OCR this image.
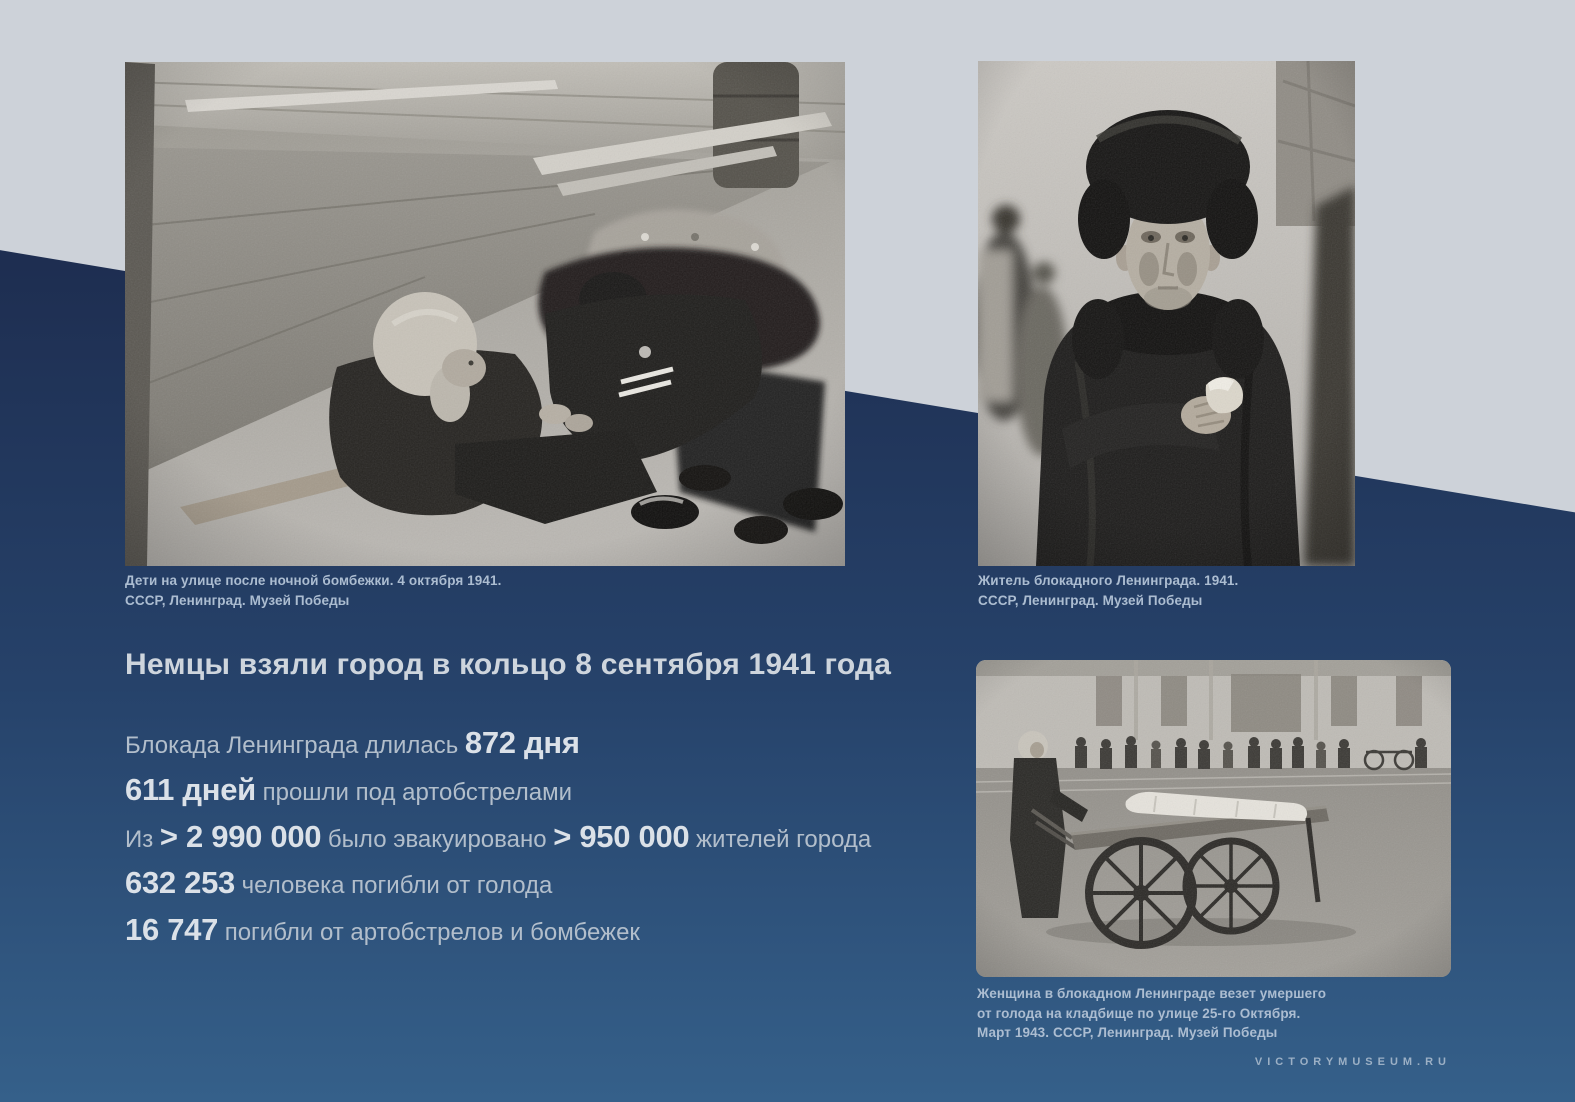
Дети на улице после ночной бомбежки. 4 октября 1941.
СССР, Ленинград. Музей Победы
Житель блокадного Ленинграда. 1941.
СССР, Ленинград. Музей Победы
Женщина в блокадном Ленинграде везет умершего
от голода на кладбище по улице 25-го Октября.
Март 1943. СССР, Ленинград. Музей Победы
Немцы взяли город в кольцо 8 сентября 1941 года
Блокада Ленинграда длилась 872 дня
611 дней прошли под артобстрелами
Из > 2 990 000 было эвакуировано > 950 000 жителей города
632 253 человека погибли от голода
16 747 погибли от артобстрелов и бомбежек
VICTORYMUSEUM.RU
